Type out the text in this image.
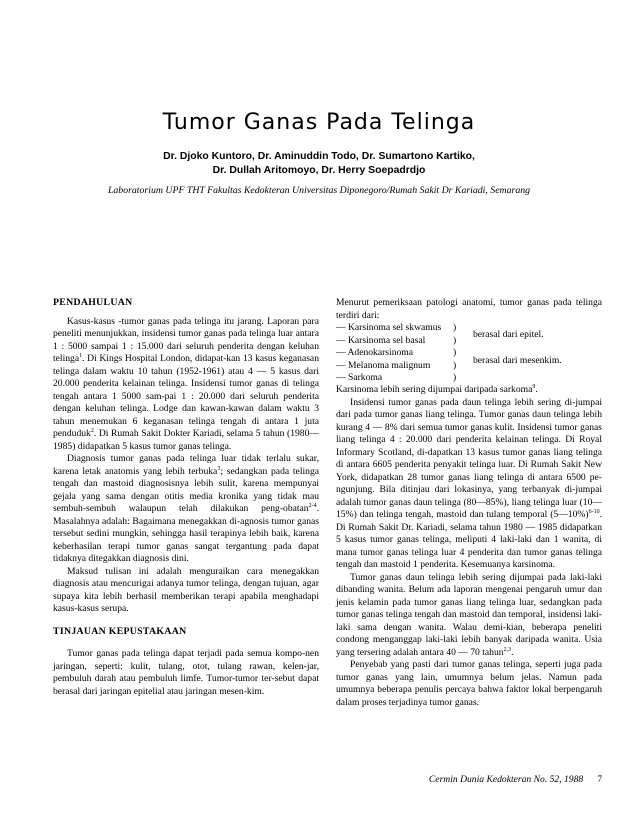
Tumor Ganas Pada Telinga
Dr. Djoko Kuntoro, Dr. Aminuddin Todo, Dr. Sumartono Kartiko,
Dr. Dullah Aritomoyo, Dr. Herry Soepadrdjo
Laboratorium UPF THT Fakultas Kedokteran Universitas Diponegoro/Rumah Sakit Dr Kariadi, Semarang

PENDAHULUAN

Kasus-kasus -tumor ganas pada telinga itu jarang. Laporan para peneliti menunjukkan, insidensi tumor ganas pada telinga luar antara 1 : 5000 sampai 1 : 15.000 dari seluruh penderita dengan keluhan telinga$^1$. Di Kings Hospital London, didapat-kan 13 kasus keganasan telinga dalam waktu 10 tahun (1952-1961) atau 4 — 5 kasus dari 20.000 penderita kelainan telinga. Insidensi tumor ganas di telinga tengah antara 1 5000 sam-pai 1 : 20.000 dari seluruh penderita dengan keluhan telinga. Lodge dan kawan-kawan dalam waktu 3 tahun menemukan 6 keganasan telinga tengah di antara 1 juta penduduk$^2$. Di Rumah Sakit Dokter Kariadi, selama 5 tahun (1980—1985) didapatkan 5 kasus tumor ganas telinga.

Diagnosis tumor ganas pada telinga luar tidak terlalu sukar, karena letak anatomis yang lebih terbuka$^3$; sedangkan pada telinga tengah dan mastoid diagnosisnya lebih sulit, karena mempunyai gejala yang sama dengan otitis media kronika yang tidak mau sembuh-sembuh walaupun telah dilakukan peng-obatan$^{2-4}$. Masalahnya adalah: Bagaimana menegakkan di-agnosis tumor ganas tersebut sedini mungkin, sehingga hasil terapinya lebih baik, karena keberhasilan terapi tumor ganas sangat tergantung pada dapat tidaknya ditegakkan diagnosis dini.

Maksud tulisan ini adalah menguraikan cara menegakkan diagnosis atau mencurigai adanya tumor telinga, dengan tujuan, agar supaya kita lebih berhasil memberikan terapi apabila menghadapi kasus-kasus serupa.

TINJAUAN KEPUSTAKAAN

Tumor ganas pada telinga dapat terjadi pada semua kompo-nen jaringan, seperti: kulit, tulang, otot, tulang rawan, kelen-jar, pembuluh darah atau pembuluh limfe. Tumor-tumor ter-sebut dapat berasal dari jaringan epitelial atau jaringan mesen-kim.

Menurut pemeriksaan patologi anatomi, tumor ganas pada telinga terdiri dari:

— Karsinoma sel skwamus )
— Karsinoma sel basal	)
— Adenokarsinoma	)
— Melanoma malignum )
— Sarkoma	)
berasal dari epitel.
berasal dari mesenkim.

Karsinoma lebih sering dijumpai daripada sarkoma$^9$.

Insidensi tumor ganas pada daun telinga lebih sering di-jumpai dari pada tumor ganas liang telinga. Tumor ganas daun telinga lebih kurang 4 — 8% dari semua tumor ganas kulit. Insidensi tumor ganas liang telinga 4 : 20.000 dari penderita kelainan telinga. Di Royal Informary Scotland, di-dapatkan 13 kasus tumor ganas liang telinga di antara 6605 penderita penyakit telinga luar. Di Rumah Sakit New York, didapatkan 28 tumor ganas liang telinga di antara 6500 pe-ngunjung. Bila ditinjau dari lokasinya, yang terbanyak di-jumpai adalah tumor ganas daun telinga (80—85%), liang telinga luar (10—15%) dan telinga tengah, mastoid dan tulang temporal (5—10%)$^{6-10}$. Di Rumah Sakit Dr. Kariadi, selama tahun 1980 — 1985 didapatkan 5 kasus tumor ganas telinga, meliputi 4 laki-laki dan 1 wanita, di mana tumor ganas telinga luar 4 penderita dan tumor ganas telinga tengah dan mastoid 1 penderita. Kesemuanya karsinoma.

Tumor ganas daun telinga lebih sering dijumpai pada laki-laki dibanding wanita. Belum ada laporan mengenai pengaruh umur dan jenis kelamin pada tumor ganas liang telinga luar, sedangkan pada tumor ganas telinga tengah dan mastoid dan temporal, insidensi laki-laki sama dengan wanita. Walau demi-kian, beberapa peneliti condong menganggap laki-laki lebih banyak daripada wanita. Usia yang tersering adalah antara 40 — 70 tahun$^{2,3}$.

Penyebab yang pasti dari tumor ganas telinga, seperti juga pada tumor ganas yang lain, umumnya belum jelas. Namun pada umumnya beberapa penulis percaya bahwa faktor lokal berpengaruh dalam proses terjadinya tumor ganas.

Cermin Dunia Kedokteran No. 52, 1988 7
